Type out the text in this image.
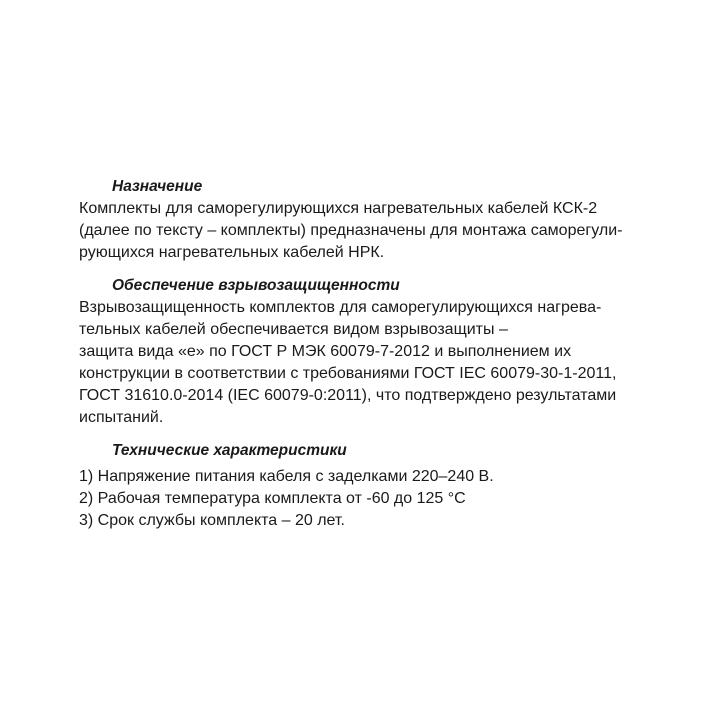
Назначение

Комплекты для саморегулирующихся нагревательных кабелей КСК-2

(далее по тексту – комплекты) предназначены для монтажа саморегули-

рующихся нагревательных кабелей НРК.

Обеспечение взрывозащищенности

Взрывозащищенность комплектов для саморегулирующихся нагрева-

тельных кабелей обеспечивается видом взрывозащиты –

защита вида «е» по ГОСТ Р МЭК 60079-7-2012 и выполнением их

конструкции в соответствии с требованиями ГОСТ IEC 60079-30-1-2011,

ГОСТ 31610.0-2014 (IEC 60079-0:2011), что подтверждено результатами

испытаний.

Технические характеристики

1) Напряжение питания кабеля с заделками 220–240 В.

2) Рабочая температура комплекта от -60 до 125 °С

3) Срок службы комплекта – 20 лет.
